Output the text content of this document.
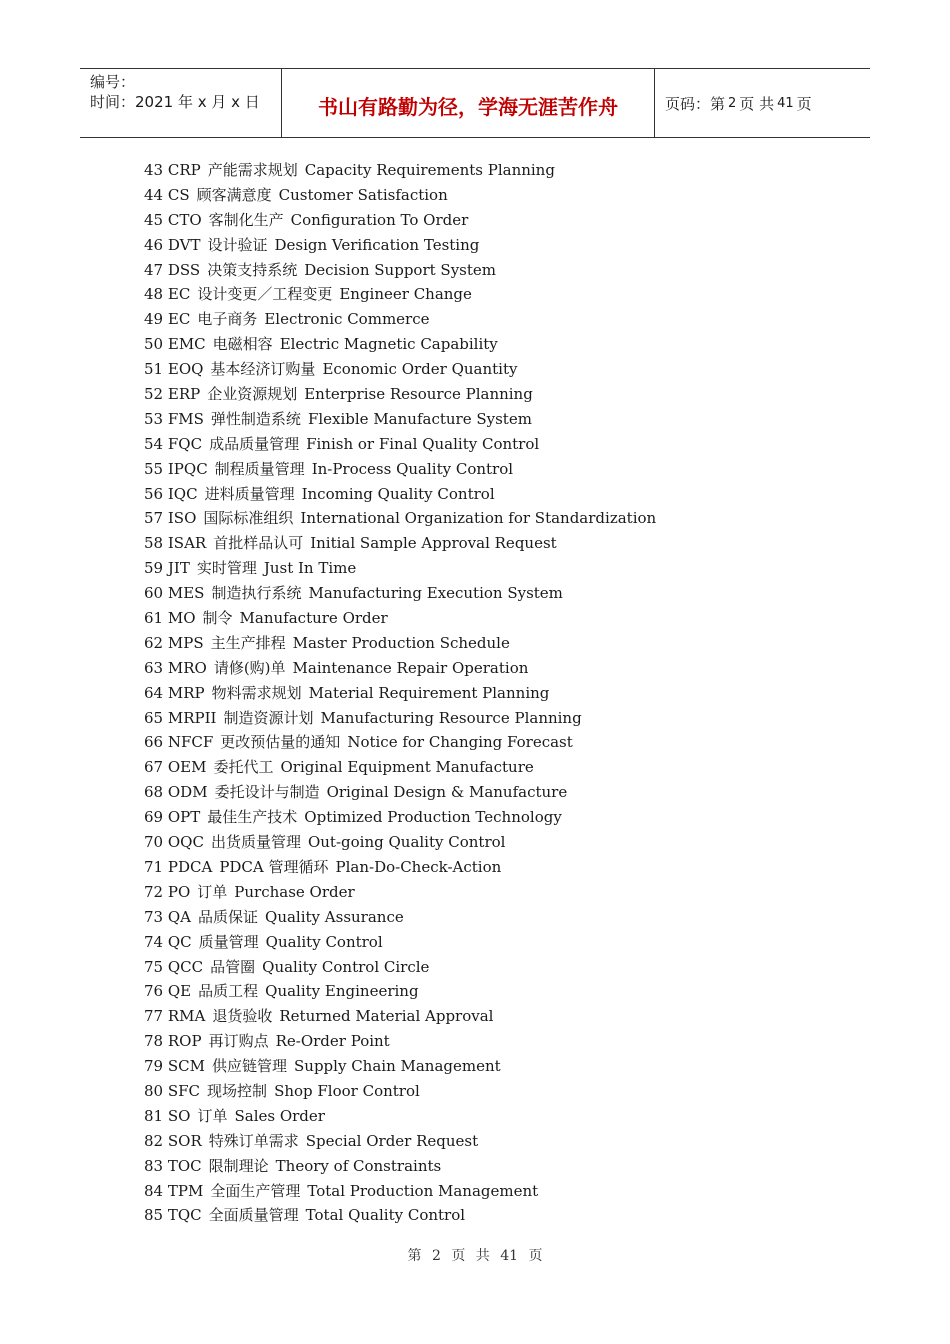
编号：
时间：2021 年 x 月 x 日	书山有路勤为径，学海无涯苦作舟	页码：第 2 页 共 41 页
43 CRP 产能需求规划 Capacity Requirements Planning
44 CS 顾客满意度 Customer Satisfaction
45 CTO 客制化生产 Configuration To Order
46 DVT 设计验证 Design Verification Testing
47 DSS 决策支持系统 Decision Support System
48 EC 设计变更／工程变更 Engineer Change
49 EC 电子商务 Electronic Commerce
50 EMC 电磁相容 Electric Magnetic Capability
51 EOQ 基本经济订购量 Economic Order Quantity
52 ERP 企业资源规划 Enterprise Resource Planning
53 FMS 弹性制造系统 Flexible Manufacture System
54 FQC 成品质量管理 Finish or Final Quality Control
55 IPQC 制程质量管理 In-Process Quality Control
56 IQC 进料质量管理 Incoming Quality Control
57 ISO 国际标准组织 International Organization for Standardization
58 ISAR 首批样品认可 Initial Sample Approval Request
59 JIT 实时管理 Just In Time
60 MES 制造执行系统 Manufacturing Execution System
61 MO 制令 Manufacture Order
62 MPS 主生产排程 Master Production Schedule
63 MRO 请修(购)单 Maintenance Repair Operation
64 MRP 物料需求规划 Material Requirement Planning
65 MRPII 制造资源计划 Manufacturing Resource Planning
66 NFCF 更改预估量的通知 Notice for Changing Forecast
67 OEM 委托代工 Original Equipment Manufacture
68 ODM 委托设计与制造 Original Design & Manufacture
69 OPT 最佳生产技术 Optimized Production Technology
70 OQC 出货质量管理 Out-going Quality Control
71 PDCA PDCA 管理循环 Plan-Do-Check-Action
72 PO 订单 Purchase Order
73 QA 品质保证 Quality Assurance
74 QC 质量管理 Quality Control
75 QCC 品管圈 Quality Control Circle
76 QE 品质工程 Quality Engineering
77 RMA 退货验收 Returned Material Approval
78 ROP 再订购点 Re-Order Point
79 SCM 供应链管理 Supply Chain Management
80 SFC 现场控制 Shop Floor Control
81 SO 订单 Sales Order
82 SOR 特殊订单需求 Special Order Request
83 TOC 限制理论 Theory of Constraints
84 TPM 全面生产管理 Total Production Management
85 TQC 全面质量管理 Total Quality Control
第 2 页 共 41 页
